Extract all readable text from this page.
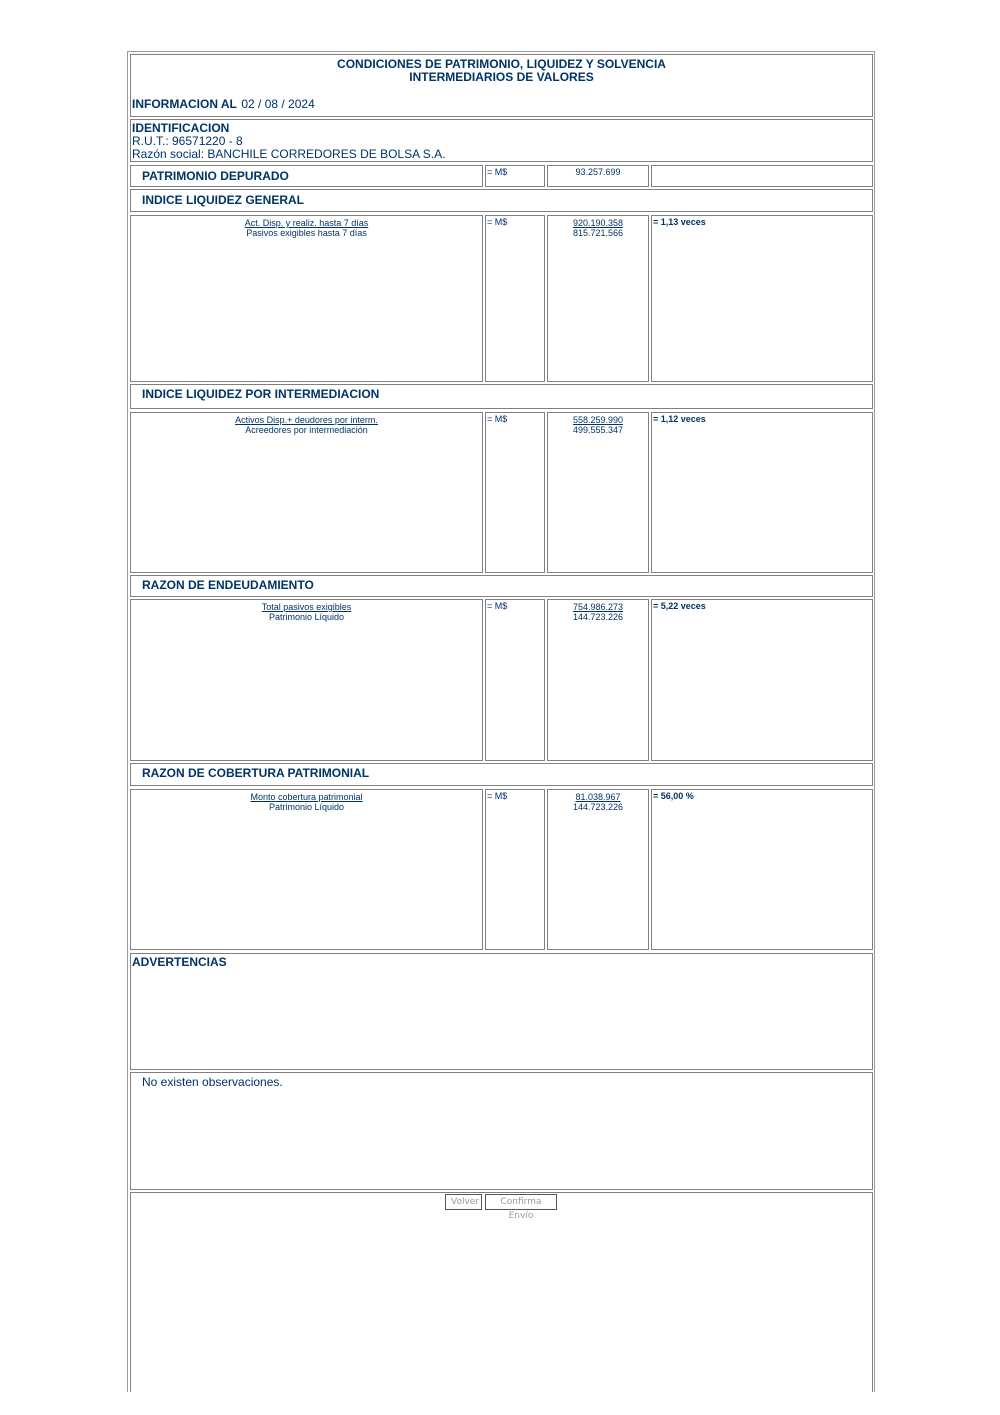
CONDICIONES DE PATRIMONIO, LIQUIDEZ Y SOLVENCIA
INTERMEDIARIOS DE VALORES
INFORMACION AL 02 / 08 / 2024
IDENTIFICACION
R.U.T.: 96571220 - 8
Razón social: BANCHILE CORREDORES DE BOLSA S.A.
PATRIMONIO DEPURADO	= M$	93.257.699
INDICE LIQUIDEZ GENERAL
Act. Disp. y realiz. hasta 7 días
Pasivos exigibles hasta 7 días
= M$	$\frac{920.190.358}{815.721.566} = 1,13$ veces
INDICE LIQUIDEZ POR INTERMEDIACION
Activos Disp.+ deudores por interm.
Acreedores por intermediación
= M$	$\frac{558.259.990}{499.555.347} = 1,12$ veces
RAZON DE ENDEUDAMIENTO
Total pasivos exigibles
Patrimonio Líquido
= M$	$\frac{754.986.273}{144.723.226} = 5,22$ veces
RAZON DE COBERTURA PATRIMONIAL
Monto cobertura patrimonial
Patrimonio Líquido
= M$	$\frac{81.038.967}{144.723.226} = 56,00$ %
ADVERTENCIAS
No existen observaciones.
Volver	Confirma Envío
